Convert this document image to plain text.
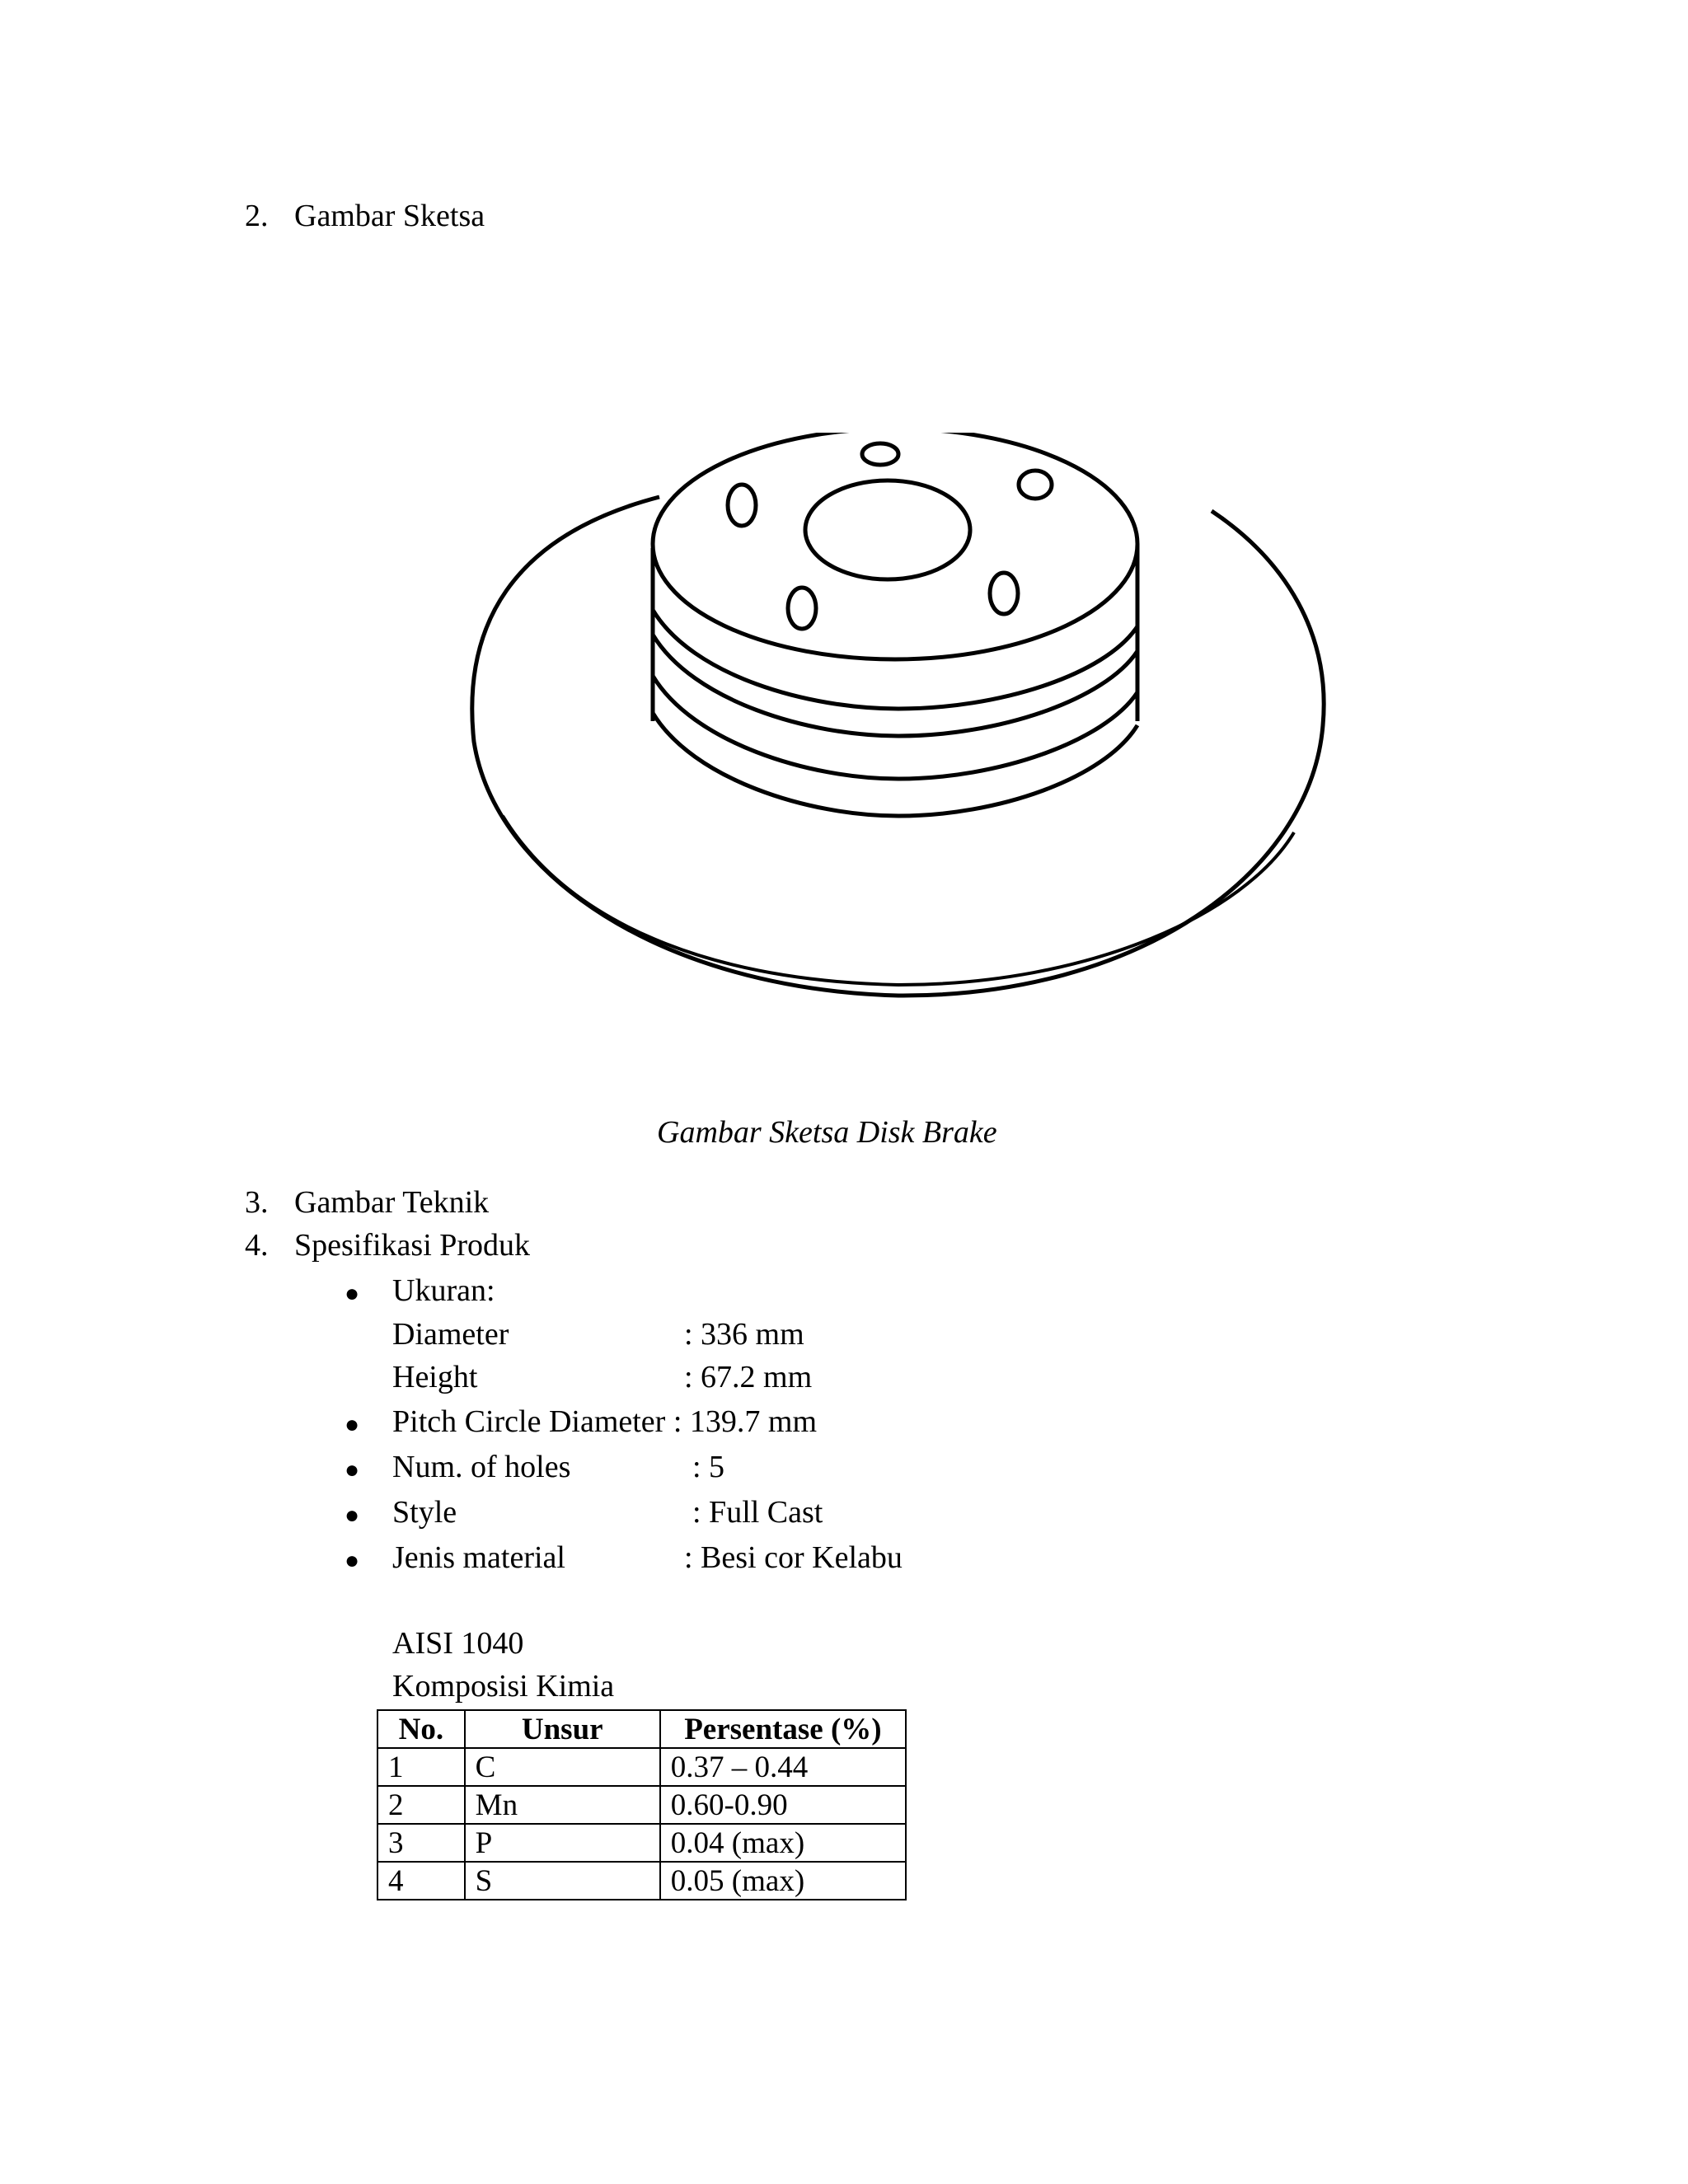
2. Gambar Sketsa
Gambar Sketsa Disk Brake
3. Gambar Teknik
4. Spesifikasi Produk
● Ukuran:
Diameter	: 336 mm
Height	: 67.2 mm
● Pitch Circle Diameter : 139.7 mm
● Num. of holes	: 5
● Style	: Full Cast
● Jenis material	: Besi cor Kelabu
AISI 1040
Komposisi Kimia
No.	Unsur	Persentase (%)
1	C	0.37 – 0.44
2	Mn	0.60-0.90
3	P	0.04 (max)
4	S	0.05 (max)
